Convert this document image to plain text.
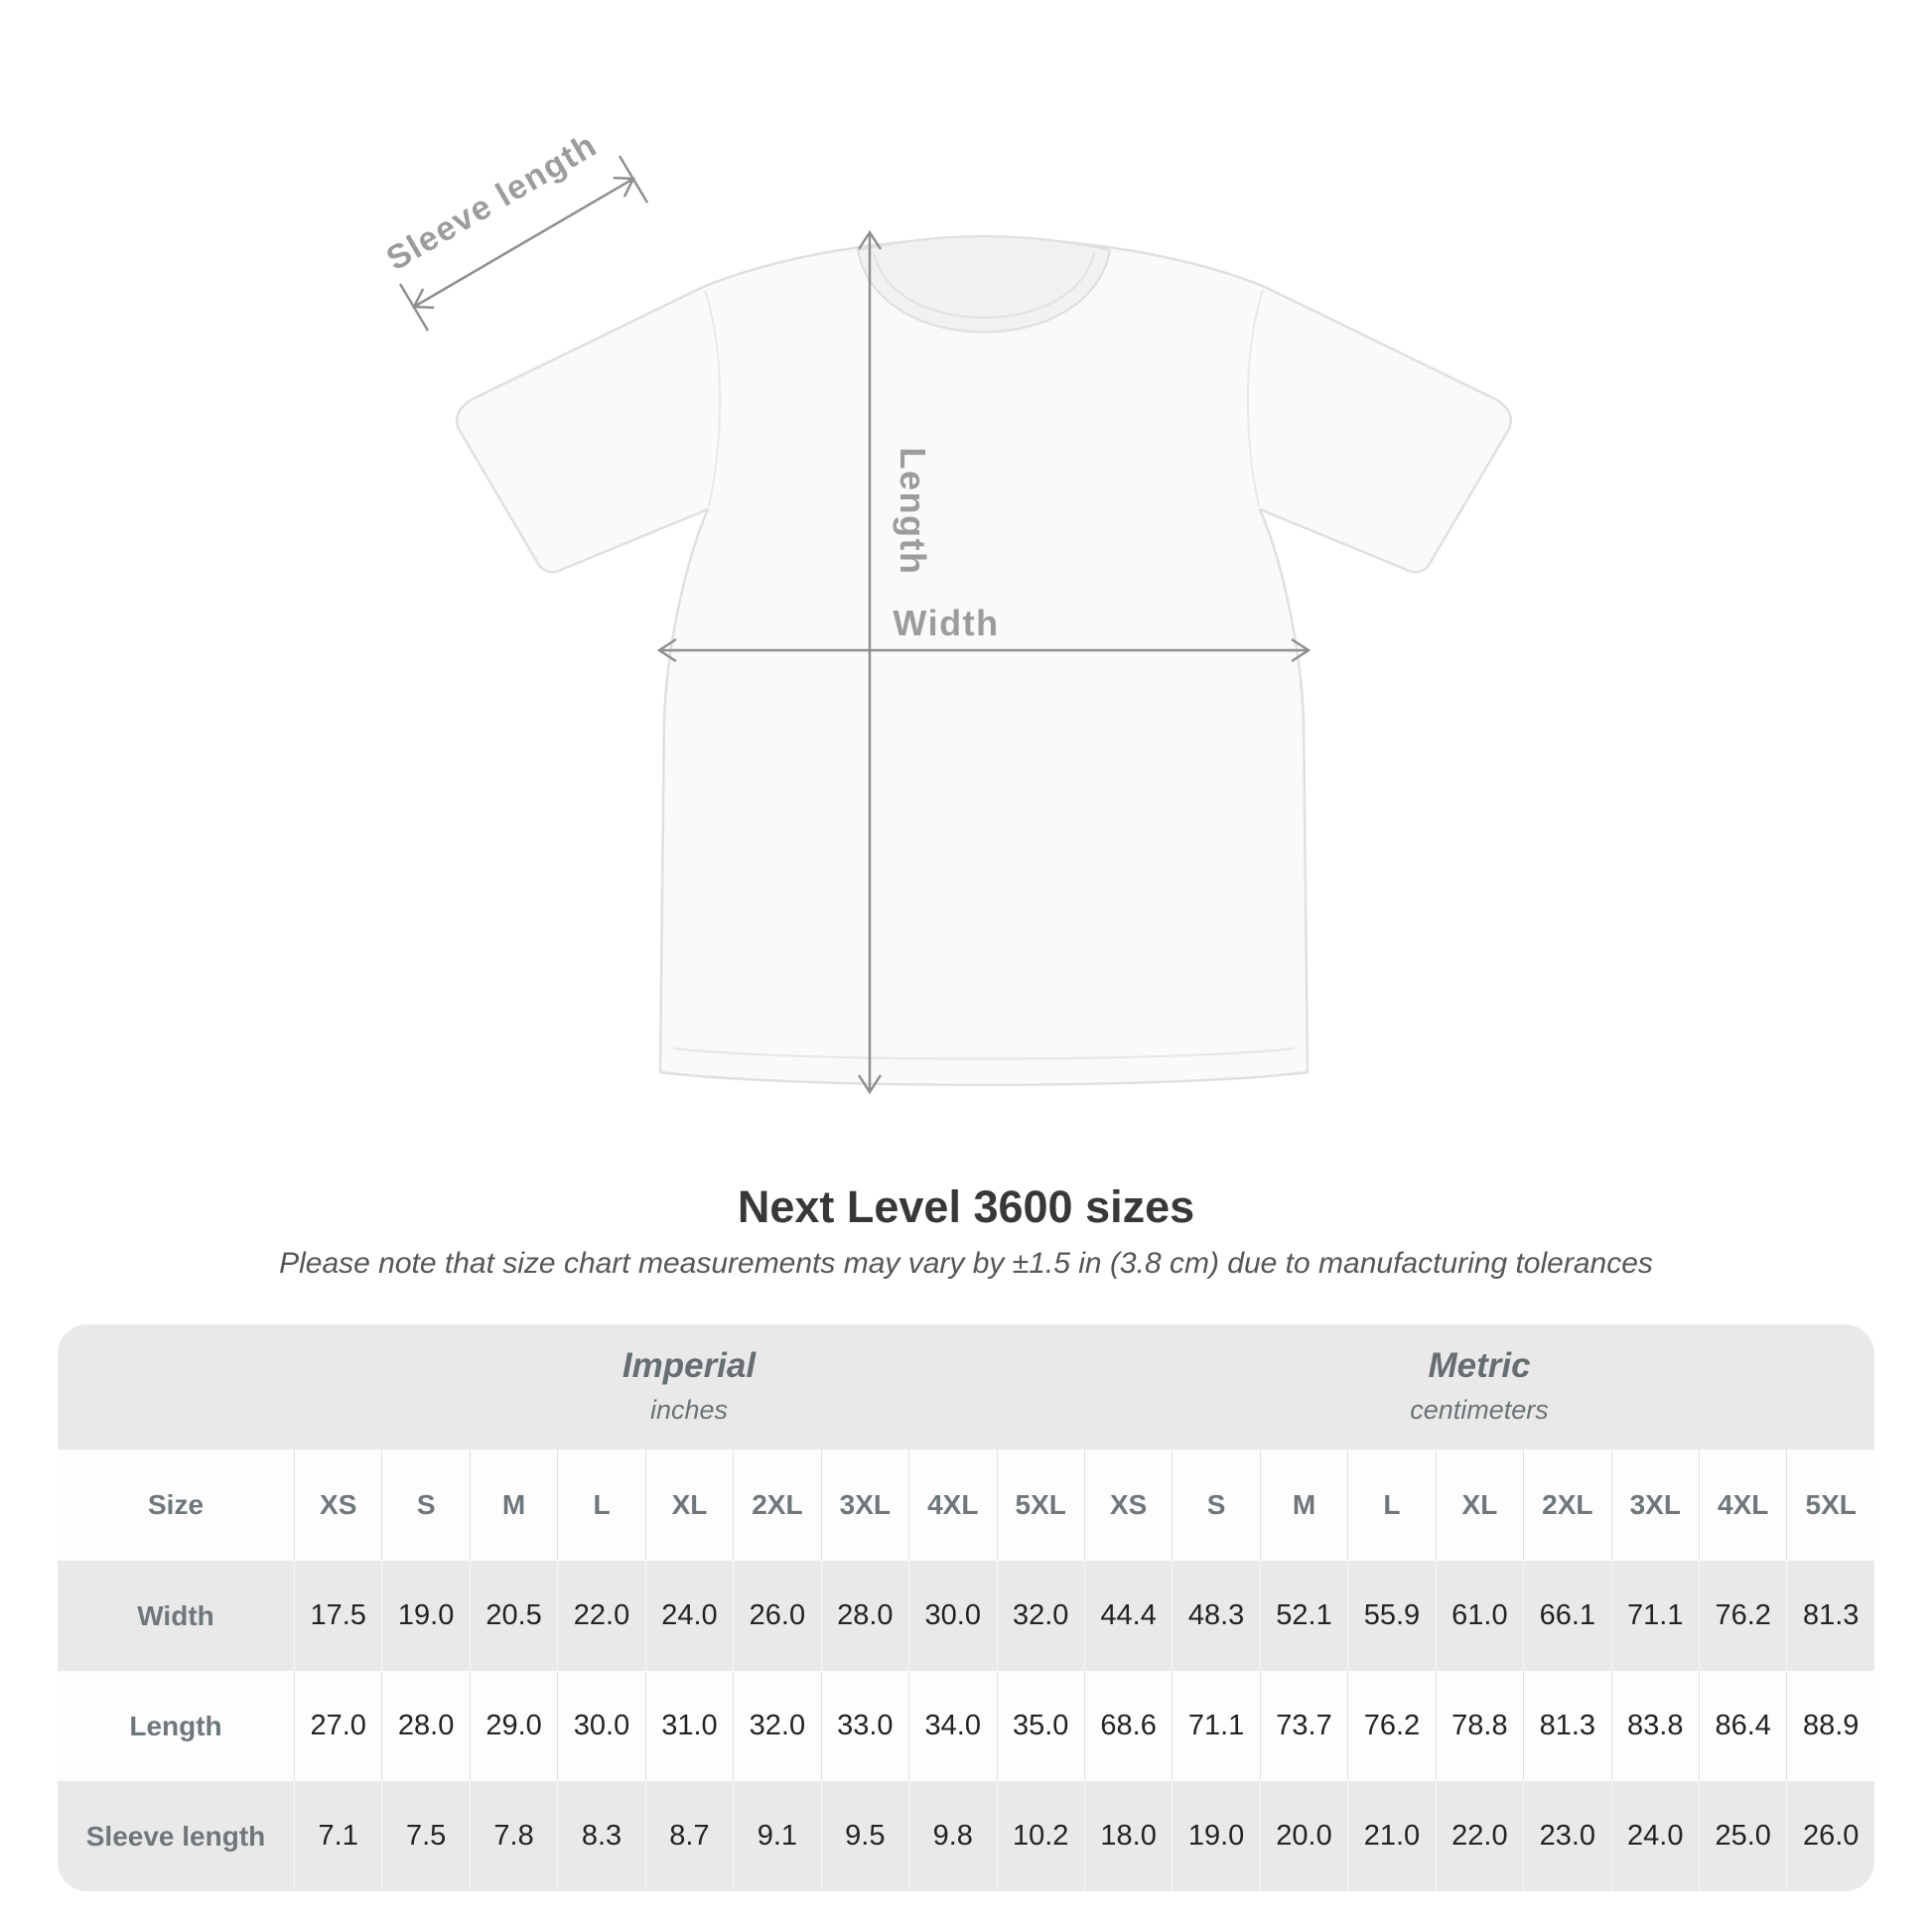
Length
Width
Sleeve length
Next Level 3600 sizes
Please note that size chart measurements may vary by ±1.5 in (3.8 cm) due to manufacturing tolerances
Imperial
inches
Metric
centimeters
Size	XS	S	M	L	XL	2XL	3XL	4XL	5XL	XS	S	M	L	XL	2XL	3XL	4XL	5XL
Width	17.5	19.0	20.5	22.0	24.0	26.0	28.0	30.0	32.0	44.4	48.3	52.1	55.9	61.0	66.1	71.1	76.2	81.3
Length	27.0	28.0	29.0	30.0	31.0	32.0	33.0	34.0	35.0	68.6	71.1	73.7	76.2	78.8	81.3	83.8	86.4	88.9
Sleeve length	7.1	7.5	7.8	8.3	8.7	9.1	9.5	9.8	10.2	18.0	19.0	20.0	21.0	22.0	23.0	24.0	25.0	26.0
